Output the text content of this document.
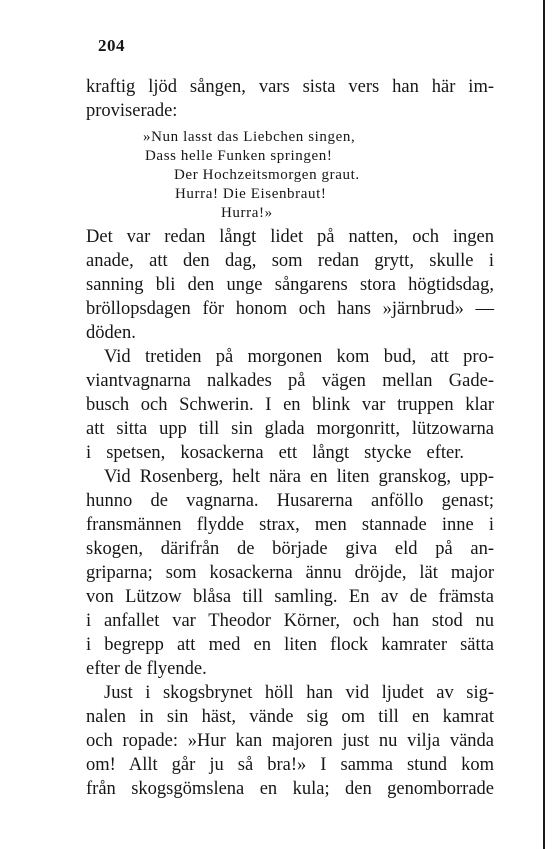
204
kraftig ljöd sången, vars sista vers han här im-
proviserade:
»Nun lasst das Liebchen singen,
Dass helle Funken springen!
Der Hochzeitsmorgen graut.
Hurra! Die Eisenbraut!
Hurra!»
Det var redan långt lidet på natten, och ingen
anade, att den dag, som redan grytt, skulle i
sanning bli den unge sångarens stora högtidsdag,
bröllopsdagen för honom och hans »järnbrud» —
döden.
Vid tretiden på morgonen kom bud, att pro-
viantvagnarna nalkades på vägen mellan Gade-
busch och Schwerin. I en blink var truppen klar
att sitta upp till sin glada morgonritt, lützowarna
i spetsen, kosackerna ett långt stycke efter.
Vid Rosenberg, helt nära en liten granskog, upp-
hunno de vagnarna. Husarerna anföllo genast;
fransmännen flydde strax, men stannade inne i
skogen, därifrån de började giva eld på an-
griparna; som kosackerna ännu dröjde, lät major
von Lützow blåsa till samling. En av de främsta
i anfallet var Theodor Körner, och han stod nu
i begrepp att med en liten flock kamrater sätta
efter de flyende.
Just i skogsbrynet höll han vid ljudet av sig-
nalen in sin häst, vände sig om till en kamrat
och ropade: »Hur kan majoren just nu vilja vända
om! Allt går ju så bra!» I samma stund kom
från skogsgömslena en kula; den genomborrade
